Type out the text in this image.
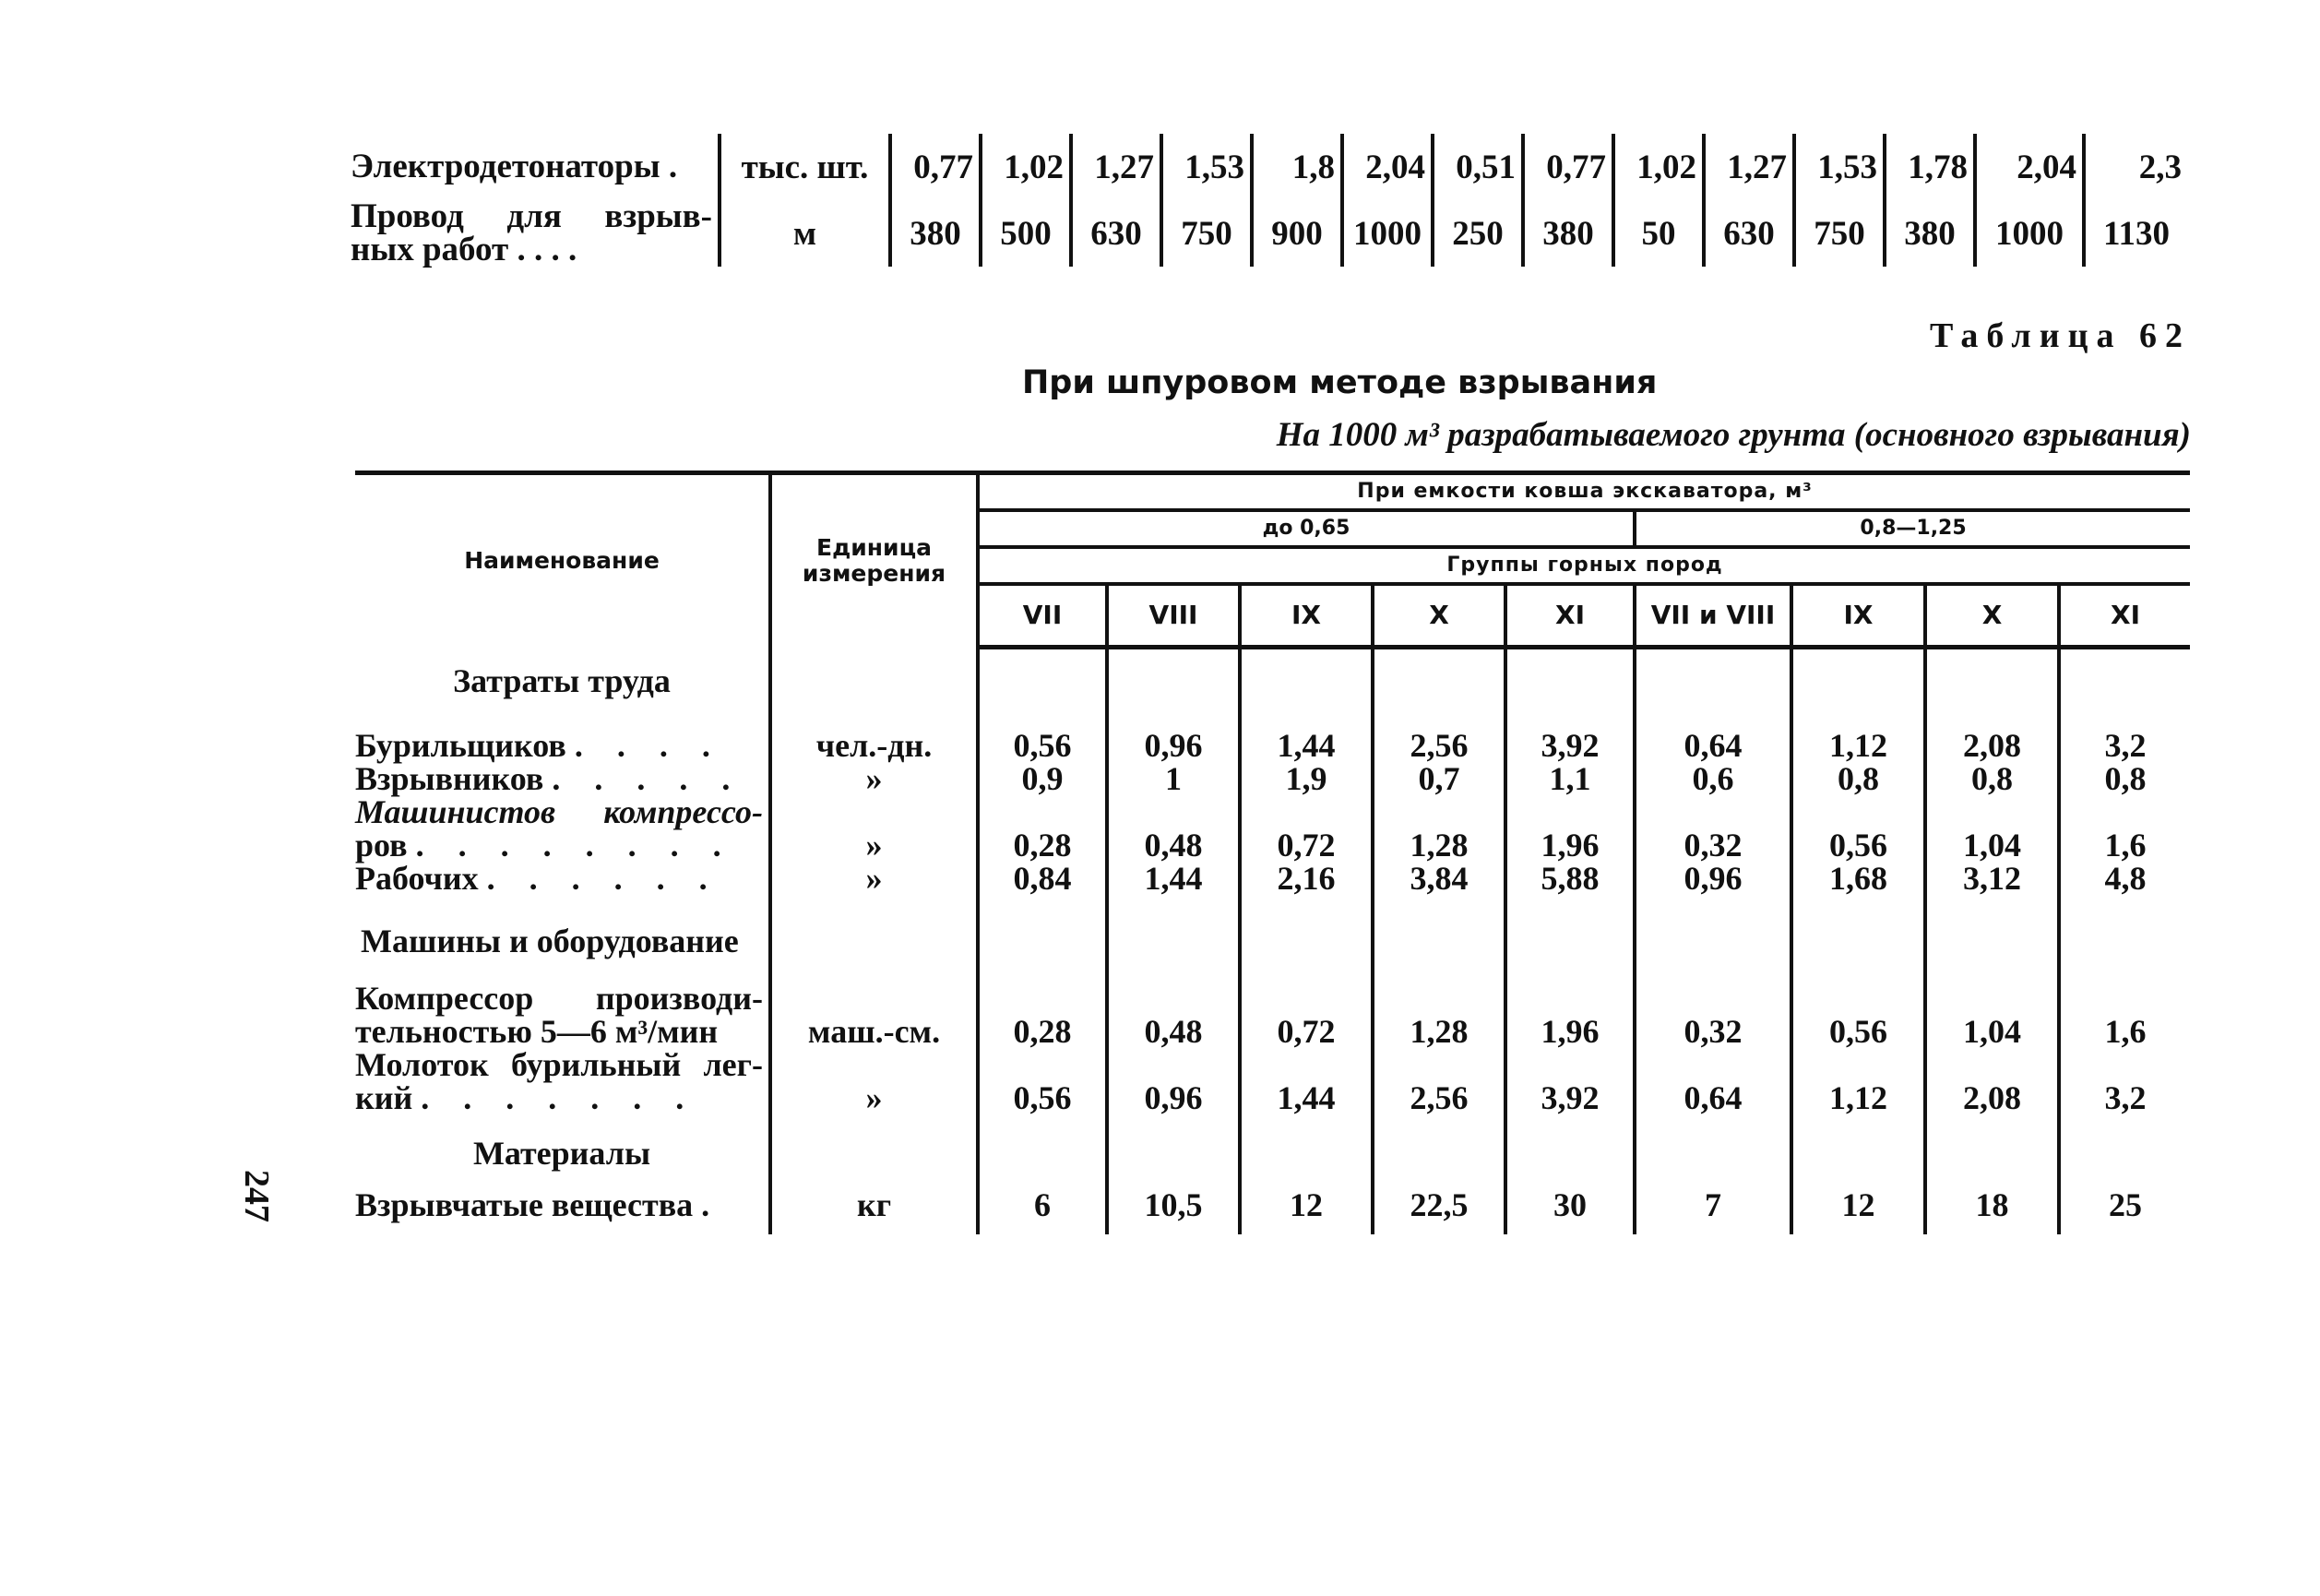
Электродетонаторы .	тыс. шт.	0,77	1,02	1,27	1,53	1,8	2,04	0,51	0,77	1,02	1,27	1,53	1,78	2,04	2,3

Провод для взрыв-
ных работ . . . .	м	380	500	630	750	900	1000	250	380	50	630	750	380	1000	1130
Таблица 62
При шпуровом методе взрывания
На 1000 м³ разрабатываемого грунта (основного взрывания)
Наименование	Единица измерения	При емкости ковша экскаватора, м³								
		до 0,65					0,8—1,25			
		Группы горных пород								
		VII	VIII	IX	X	XI	VII и VIII	IX	X	XI
Затраты труда										
Бурильщиков . . . .	чел.-дн.	0,56	0,96	1,44	2,56	3,92	0,64	1,12	2,08	3,2
Взрывников . . . . .	»	0,9	1	1,9	0,7	1,1	0,6	0,8	0,8	0,8

Машинистов компрессо-
ров . . . . . . . .	»	0,28	0,48	0,72	1,28	1,96	0,32	0,56	1,04	1,6
Рабочих . . . . . .	»	0,84	1,44	2,16	3,84	5,88	0,96	1,68	3,12	4,8
Машины и оборудование										

Компрессор производи-
тельностью 5—6 м³/мин	маш.-см.	0,28	0,48	0,72	1,28	1,96	0,32	0,56	1,04	1,6

Молоток бурильный лег-
кий . . . . . . .	»	0,56	0,96	1,44	2,56	3,92	0,64	1,12	2,08	3,2
Материалы										
Взрывчатые вещества .	кг	6	10,5	12	22,5	30	7	12	18	25
247
